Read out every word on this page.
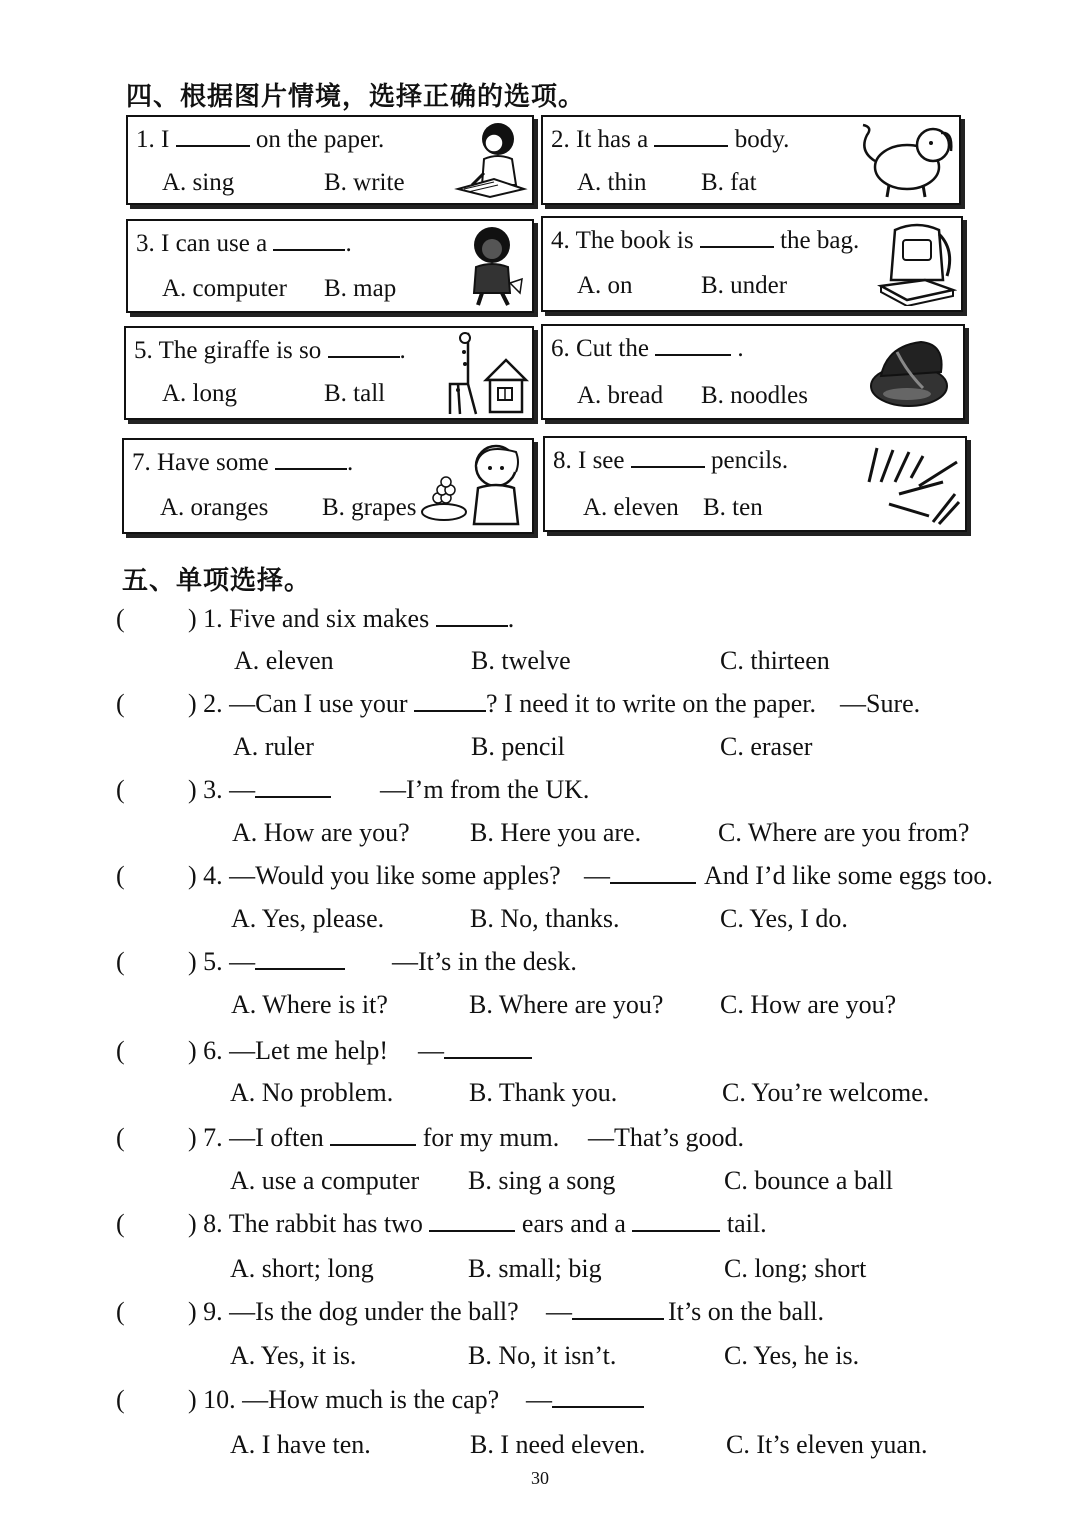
四、根据图片情境，选择正确的选项。
1. I	on the paper.
A. sing	B. write
2. It has a	body.
A. thin B. fat
3. I can use a	.
A. computer B. map
4. The book is	the bag.
A. on	B. under
5. The giraffe is so	.
A. long	B. tall
6. Cut the	.
A. bread B. noodles
7. Have some	.
A. oranges B. grapes
8. I see	pencils.
A. eleven B. ten
五、单项选择。
( ) 1. Five and six makes	.
A. eleven	B. twelve	C. thirteen
( ) 2. —Can I use your	? I need it to write on the paper. —Sure.
A. ruler	B. pencil	C. eraser
( ) 3. —	—I’m from the UK.
A. How are you? B. Here you are.	C. Where are you from?
( ) 4. —Would you like some apples? —	And I’d like some eggs too.
A. Yes, please.	B. No, thanks.	C. Yes, I do.
( ) 5. —	—It’s in the desk.
A. Where is it?	B. Where are you? C. How are you?
( ) 6. —Let me help! —
A. No problem.	B. Thank you.	C. You’re welcome.
( ) 7. —I often	for my mum. —That’s good.
A. use a computer B. sing a song	C. bounce a ball
( ) 8. The rabbit has two	ears and a	tail.
A. short; long	B. small; big	C. long; short
( ) 9. —Is the dog under the ball? —	It’s on the ball.
A. Yes, it is.	B. No, it isn’t.	C. Yes, he is.
( ) 10. —How much is the cap? —
A. I have ten.	B. I need eleven.	C. It’s eleven yuan.
30
